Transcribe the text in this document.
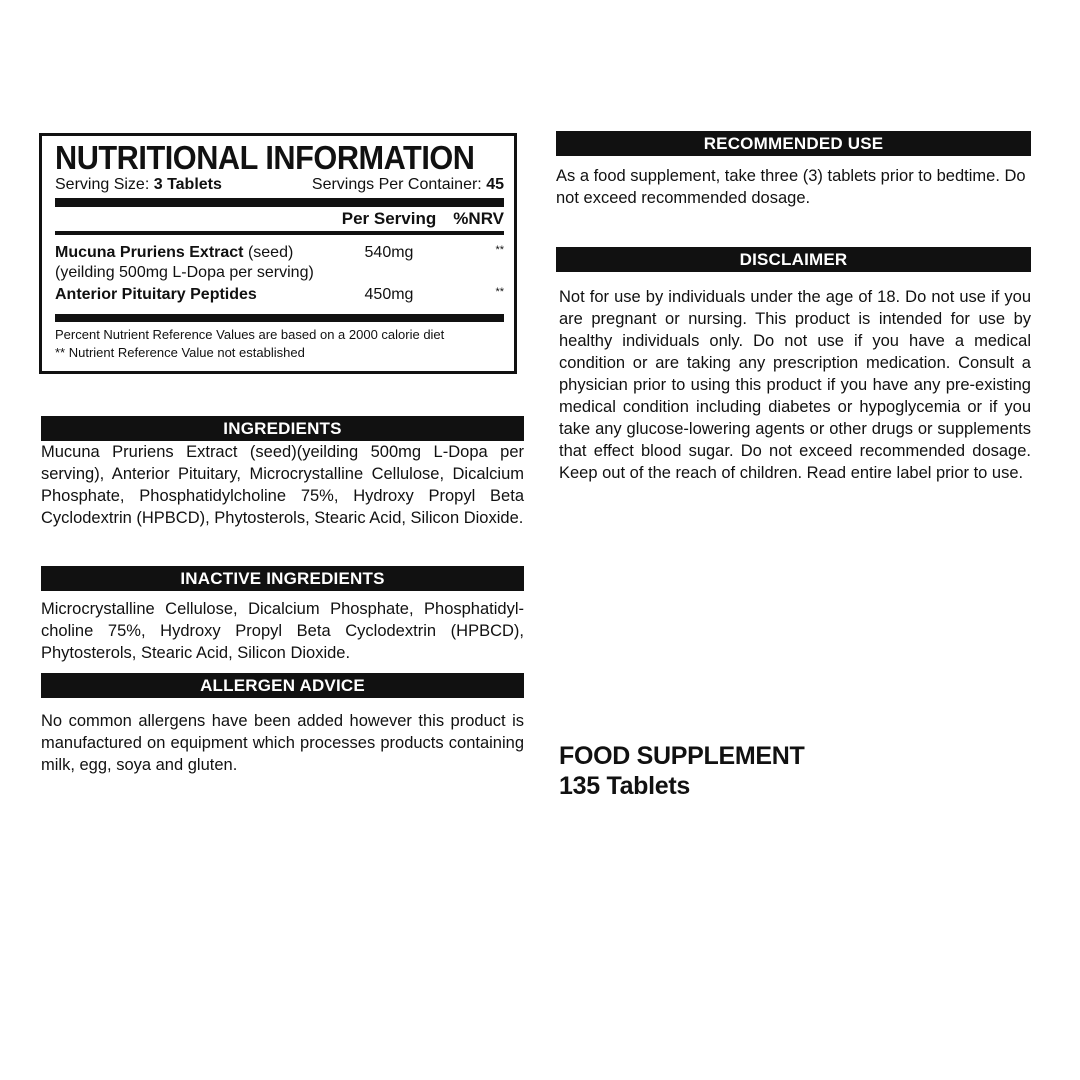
NUTRITIONAL INFORMATION
Serving Size: 3 Tablets	Servings Per Container: 45
Per Serving	%NRV
Mucuna Pruriens Extract (seed)	540mg	**
(yeilding 500mg L-Dopa per serving)
Anterior Pituitary Peptides	450mg	**
Percent Nutrient Reference Values are based on a 2000 calorie diet
** Nutrient Reference Value not established
INGREDIENTS
Mucuna Pruriens Extract (seed)(yeilding 500mg L-Dopa per serving), Anterior Pituitary, Microcrystalline Cellulose, Dicalcium Phosphate, Phosphatidylcholine 75%, Hydroxy Propyl Beta Cyclodextrin (HPBCD), Phytosterols, Stearic Acid, Silicon Dioxide.
INACTIVE INGREDIENTS
Microcrystalline Cellulose, Dicalcium Phosphate, Phosphatidyl-choline 75%, Hydroxy Propyl Beta Cyclodextrin (HPBCD), Phytosterols, Stearic Acid, Silicon Dioxide.
ALLERGEN ADVICE
No common allergens have been added however this product is manufactured on equipment which processes products containing milk, egg, soya and gluten.
RECOMMENDED USE
As a food supplement, take three (3) tablets prior to bedtime. Do not exceed recommended dosage.
DISCLAIMER
Not for use by individuals under the age of 18. Do not use if you are pregnant or nursing. This product is intended for use by healthy individuals only. Do not use if you have a medical condition or are taking any prescription medication. Consult a physician prior to using this product if you have any pre-existing medical condition including diabetes or hypoglycemia or if you take any glucose-lowering agents or other drugs or supplements that effect blood sugar. Do not exceed recommended dosage. Keep out of the reach of children. Read entire label prior to use.
FOOD SUPPLEMENT
135 Tablets
